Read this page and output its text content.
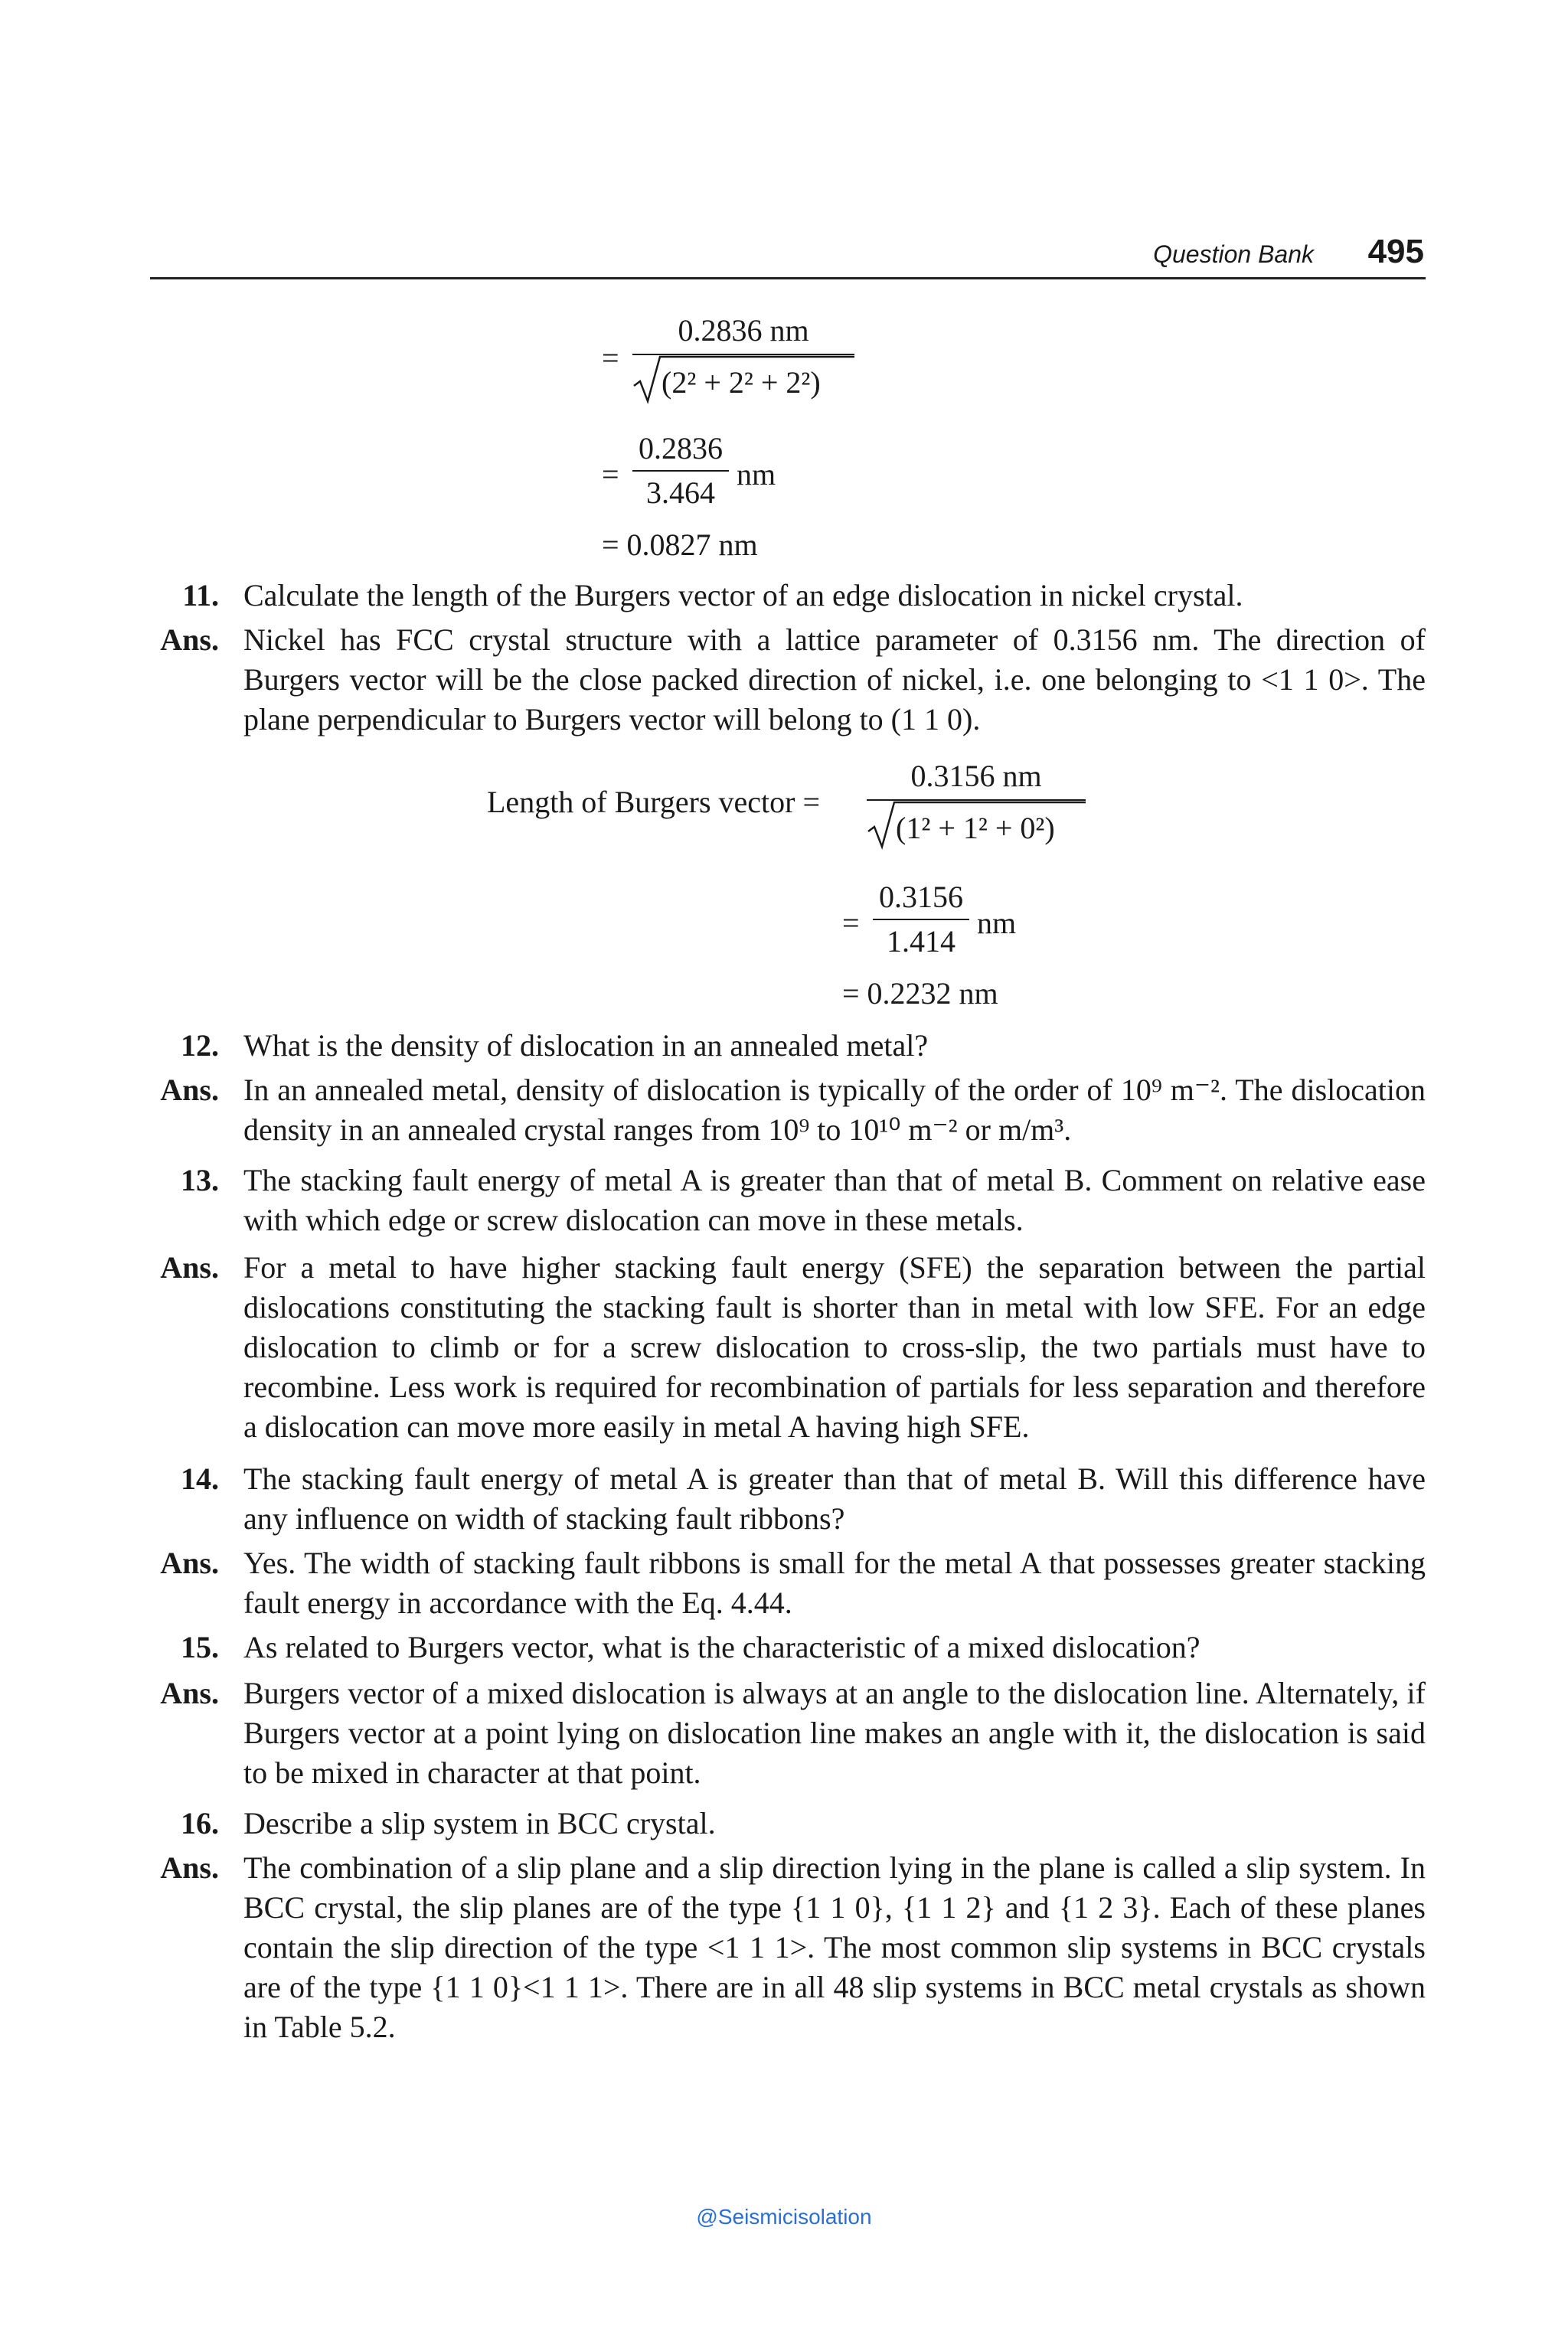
Question Bank 495
=
0.2836 nm
(2² + 2² + 2²)
=
0.2836
3.464
nm
= 0.0827 nm
11. Calculate the length of the Burgers vector of an edge dislocation in nickel crystal.
Ans. Nickel has FCC crystal structure with a lattice parameter of 0.3156 nm. The direction of Burgers vector will be the close packed direction of nickel, i.e. one belonging to <1 1 0>. The plane perpendicular to Burgers vector will belong to (1 1 0).
Length of Burgers vector =
0.3156 nm
(1² + 1² + 0²)
=
0.3156
1.414
nm
= 0.2232 nm
12. What is the density of dislocation in an annealed metal?
Ans. In an annealed metal, density of dislocation is typically of the order of 10⁹ m⁻². The dislocation density in an annealed crystal ranges from 10⁹ to 10¹⁰ m⁻² or m/m³.
13. The stacking fault energy of metal A is greater than that of metal B. Comment on relative ease with which edge or screw dislocation can move in these metals.
Ans. For a metal to have higher stacking fault energy (SFE) the separation between the partial dislocations constituting the stacking fault is shorter than in metal with low SFE. For an edge dislocation to climb or for a screw dislocation to cross-slip, the two partials must have to recombine. Less work is required for recombination of partials for less separation and therefore a dislocation can move more easily in metal A having high SFE.
14. The stacking fault energy of metal A is greater than that of metal B. Will this difference have any influence on width of stacking fault ribbons?
Ans. Yes. The width of stacking fault ribbons is small for the metal A that possesses greater stacking fault energy in accordance with the Eq. 4.44.
15. As related to Burgers vector, what is the characteristic of a mixed dislocation?
Ans. Burgers vector of a mixed dislocation is always at an angle to the dislocation line. Alternately, if Burgers vector at a point lying on dislocation line makes an angle with it, the dislocation is said to be mixed in character at that point.
16. Describe a slip system in BCC crystal.
Ans. The combination of a slip plane and a slip direction lying in the plane is called a slip system. In BCC crystal, the slip planes are of the type {1 1 0}, {1 1 2} and {1 2 3}. Each of these planes contain the slip direction of the type <1 1 1>. The most common slip systems in BCC crystals are of the type {1 1 0}<1 1 1>. There are in all 48 slip systems in BCC metal crystals as shown in Table 5.2.
@Seismicisolation
